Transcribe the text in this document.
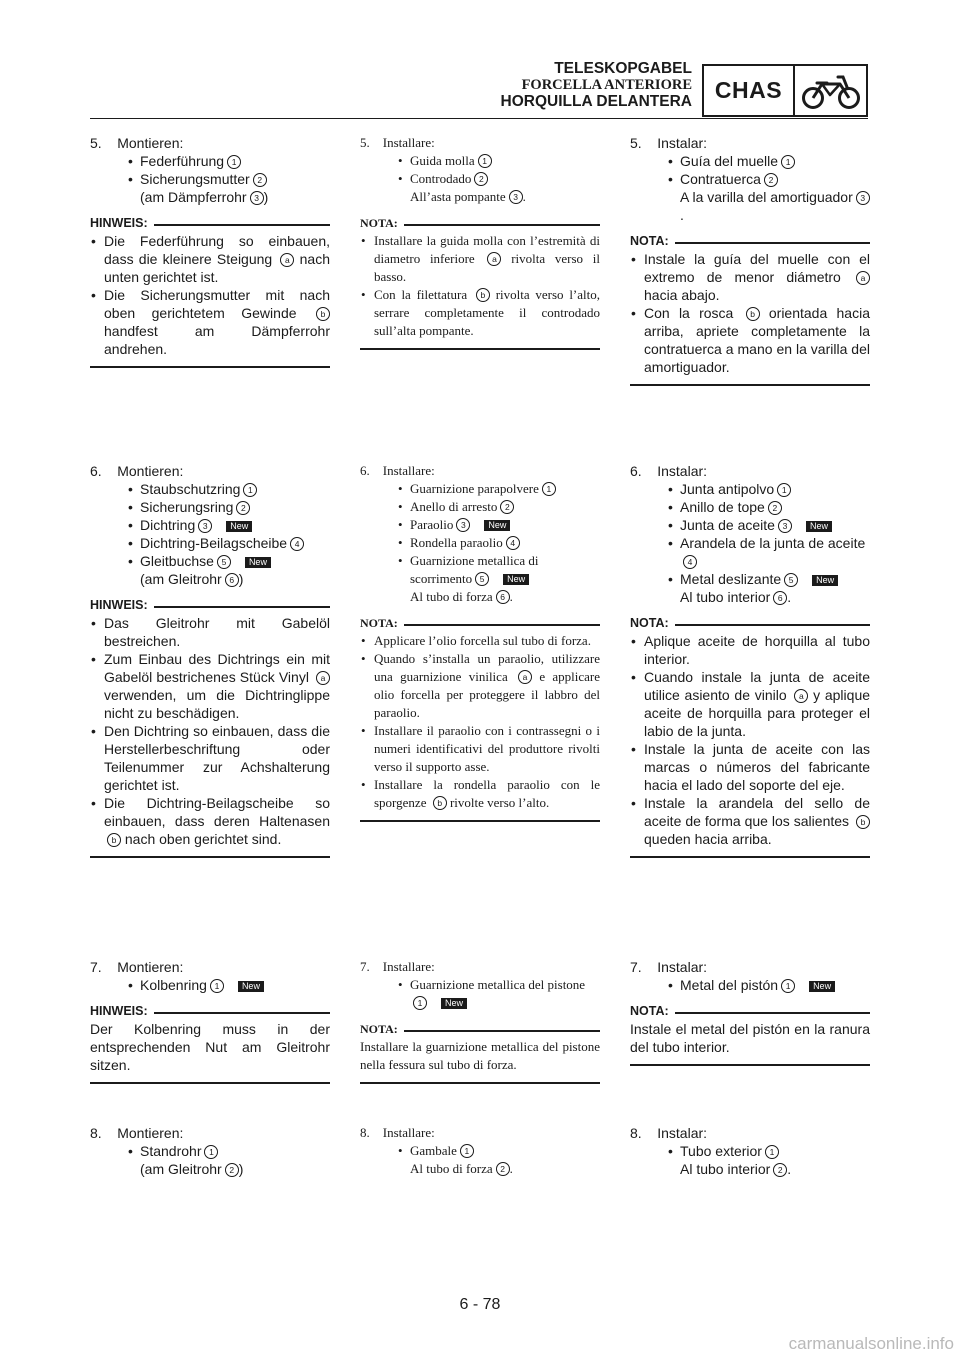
TELESKOPGABEL
FORCELLA ANTERIORE
HORQUILLA DELANTERA CHAS
5.    Montieren:
• Federführung 1
• Sicherungsmutter 2
(am Dämpferrohr 3 )
HINWEIS:
• Die Federführung so einbauen, dass die kleinere Steigung a nach unten gerichtet ist.
• Die Sicherungsmutter mit nach oben gerichtetem Gewinde	b handfest am Dämpferrohr andrehen.
5.    Installare:
• Guida molla 1
• Controdado 2
All’asta pompante 3 .
NOTA:
• Installare la guida molla con l’estremità di diametro inferiore a rivolta verso il basso.
• Con la filettatura b rivolta verso l’alto, serrare completamente il controdado sull’alta pompante.
5.    Instalar:
• Guía del muelle 1
• Contratuerca 2
A la varilla del amortiguador 3.
NOTA:
• Instale la guía del muelle con el extremo de menor diámetro a hacia abajo.
• Con la rosca b orientada hacia arriba, apriete completamente la contratuerca a mano en la varilla del amortiguador.
6.    Montieren:
• Staubschutzring 1
• Sicherungsring 2
• Dichtring 3	New
• Dichtring-Beilagscheibe 4
• Gleitbuchse 5	New
(am Gleitrohr 6 )
HINWEIS:
• Das Gleitrohr mit Gabelöl bestreichen.
• Zum Einbau des Dichtrings ein mit Gabelöl bestrichenes Stück Vinyl a verwenden, um die Dichtringlippe nicht zu beschädigen.
• Den Dichtring so einbauen, dass die Herstellerbeschriftung oder Teilenummer zur Achshalterung gerichtet ist.
• Die Dichtring-Beilagscheibe so einbauen, dass deren Haltenasen b nach oben gerichtet sind.
6.    Installare:
• Guarnizione parapolvere 1
• Anello di arresto 2
• Paraolio 3	New
• Rondella paraolio 4
• Guarnizione metallica di scorrimento 5	New
Al tubo di forza 6 .
NOTA:
• Applicare l’olio forcella sul tubo di forza.
• Quando s’installa un paraolio, utilizzare una guarnizione vinilica a e applicare olio forcella per proteggere il labbro del paraolio.
• Installare il paraolio con i contrassegni o i numeri identificativi del produttore rivolti verso il supporto asse.
• Installare la rondella paraolio con le sporgenze b rivolte verso l’alto.
6.    Instalar:
• Junta antipolvo 1
• Anillo de tope 2
• Junta de aceite 3	New
• Arandela de la junta de aceite4
• Metal deslizante 5	New
Al tubo interior 6 .
NOTA:
• Aplique aceite de horquilla al tubo interior.
• Cuando instale la junta de aceite utilice asiento de vinilo a y aplique aceite de horquilla para proteger el labio de la junta.
• Instale la junta de aceite con las marcas o números del fabricante hacia el lado del soporte del eje.
• Instale la arandela del sello de aceite de forma que los salientes b queden hacia arriba.
7.    Montieren:
• Kolbenring 1	New
HINWEIS:
Der Kolbenring muss in der entsprechenden Nut am Gleitrohr sitzen.
7.    Installare:
• Guarnizione metallica del pistone1	New
NOTA:
Installare la guarnizione metallica del pistone nella fessura sul tubo di forza.
7.    Instalar:
• Metal del pistón 1	New
NOTA:
Instale el metal del pistón en la ranura del tubo interior.
8.    Montieren:
• Standrohr 1
(am Gleitrohr 2 )
8.    Installare:
• Gambale 1
Al tubo di forza 2 .
8.    Instalar:
• Tubo exterior 1
Al tubo interior 2 .
6 - 78
carmanualsonline.info
